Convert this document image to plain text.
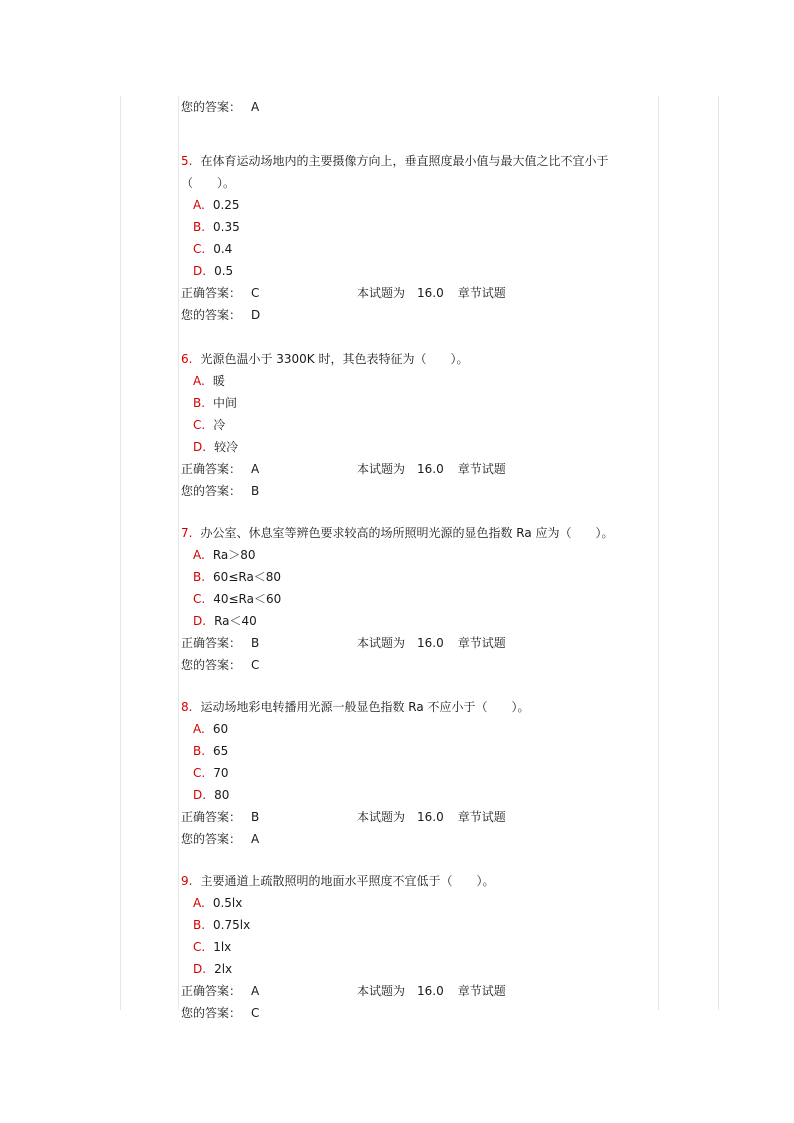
您的答案： A
5. 在体育运动场地内的主要摄像方向上，垂直照度最小值与最大值之比不宜小于
（　　）。
A. 0.25
B. 0.35
C. 0.4
D. 0.5
正确答案： C	本试题为 16.0 章节试题
您的答案： D
6. 光源色温小于 3300K 时，其色表特征为（　　）。
A. 暖
B. 中间
C. 冷
D. 较冷
正确答案： A	本试题为 16.0 章节试题
您的答案： B
7. 办公室、休息室等辨色要求较高的场所照明光源的显色指数 Ra 应为（　　）。
A. Ra＞80
B. 60≤Ra＜80
C. 40≤Ra＜60
D. Ra＜40
正确答案： B	本试题为 16.0 章节试题
您的答案： C
8. 运动场地彩电转播用光源一般显色指数 Ra 不应小于（　　）。
A. 60
B. 65
C. 70
D. 80
正确答案： B	本试题为 16.0 章节试题
您的答案： A
9. 主要通道上疏散照明的地面水平照度不宜低于（　　）。
A. 0.5lx
B. 0.75lx
C. 1lx
D. 2lx
正确答案： A	本试题为 16.0 章节试题
您的答案： C
